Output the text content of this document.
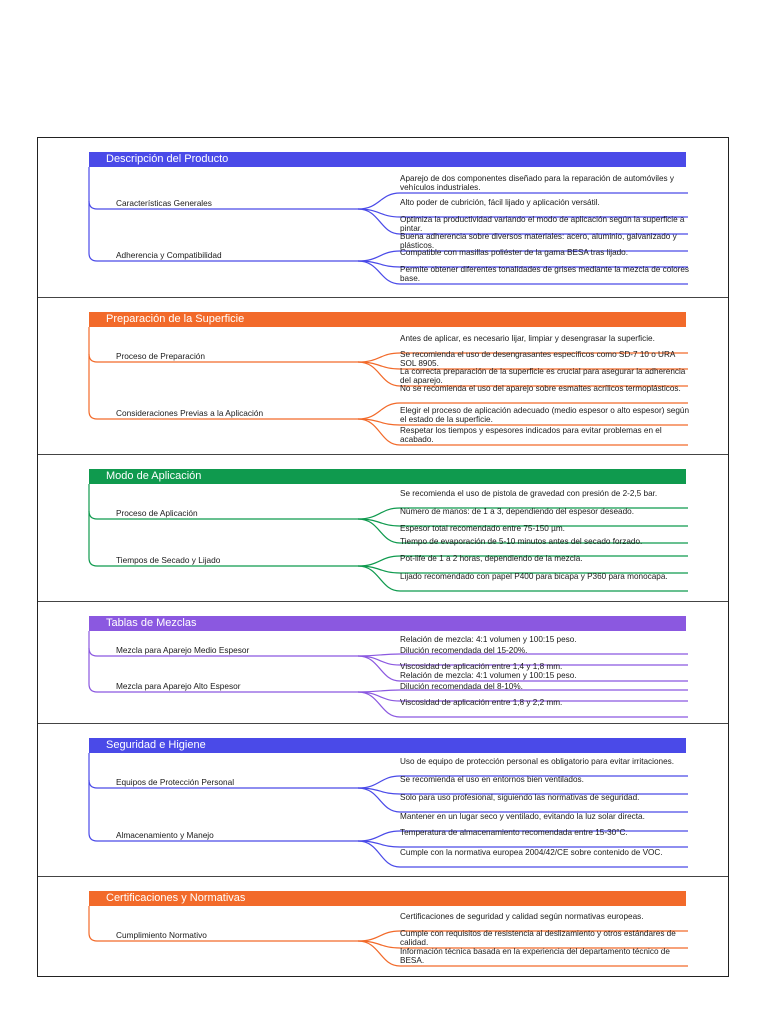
Descripción del Producto
Características Generales
Aparejo de dos componentes diseñado para la reparación de automóviles y vehículos industriales.
Alto poder de cubrición, fácil lijado y aplicación versátil.
Optimiza la productividad variando el modo de aplicación según la superficie a pintar.
Adherencia y Compatibilidad
Buena adherencia sobre diversos materiales: acero, aluminio, galvanizado y plásticos.
Compatible con masillas poliéster de la gama BESA tras lijado.
Permite obtener diferentes tonalidades de grises mediante la mezcla de colores base.
Preparación de la Superficie
Proceso de Preparación
Antes de aplicar, es necesario lijar, limpiar y desengrasar la superficie.
Se recomienda el uso de desengrasantes específicos como SD-7 10 o URA SOL 8905.
La correcta preparación de la superficie es crucial para asegurar la adherencia del aparejo.
Consideraciones Previas a la Aplicación
No se recomienda el uso del aparejo sobre esmaltes acrílicos termoplásticos.
Elegir el proceso de aplicación adecuado (medio espesor o alto espesor) según el estado de la superficie.
Respetar los tiempos y espesores indicados para evitar problemas en el acabado.
Modo de Aplicación
Proceso de Aplicación
Se recomienda el uso de pistola de gravedad con presión de 2-2,5 bar.
Número de manos: de 1 a 3, dependiendo del espesor deseado.
Espesor total recomendado entre 75-150 µm.
Tiempos de Secado y Lijado
Tiempo de evaporación de 5-10 minutos antes del secado forzado.
Pot-life de 1 a 2 horas, dependiendo de la mezcla.
Lijado recomendado con papel P400 para bicapa y P360 para monocapa.
Tablas de Mezclas
Mezcla para Aparejo Medio Espesor
Relación de mezcla: 4:1 volumen y 100:15 peso.
Dilución recomendada del 15-20%.
Viscosidad de aplicación entre 1,4 y 1,8 mm.
Mezcla para Aparejo Alto Espesor
Relación de mezcla: 4:1 volumen y 100:15 peso.
Dilución recomendada del 8-10%.
Viscosidad de aplicación entre 1,8 y 2,2 mm.
Seguridad e Higiene
Equipos de Protección Personal
Uso de equipo de protección personal es obligatorio para evitar irritaciones.
Se recomienda el uso en entornos bien ventilados.
Solo para uso profesional, siguiendo las normativas de seguridad.
Almacenamiento y Manejo
Mantener en un lugar seco y ventilado, evitando la luz solar directa.
Temperatura de almacenamiento recomendada entre 15-30°C.
Cumple con la normativa europea 2004/42/CE sobre contenido de VOC.
Certificaciones y Normativas
Cumplimiento Normativo
Certificaciones de seguridad y calidad según normativas europeas.
Cumple con requisitos de resistencia al deslizamiento y otros estándares de calidad.
Información técnica basada en la experiencia del departamento técnico de BESA.
